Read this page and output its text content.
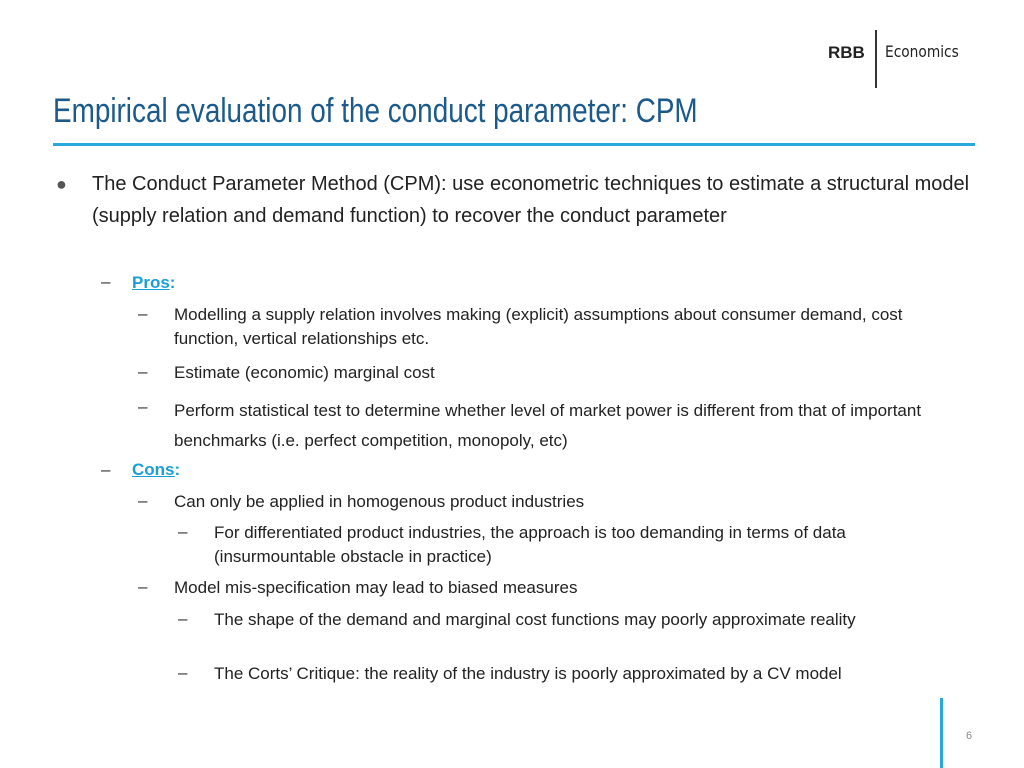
RBB Economics
Empirical evaluation of the conduct parameter: CPM
● The Conduct Parameter Method (CPM): use econometric techniques to estimate a structural model (supply relation and demand function) to recover the conduct parameter
– Pros:
– Modelling a supply relation involves making (explicit) assumptions about consumer demand, cost function, vertical relationships etc.
– Estimate (economic) marginal cost
– Perform statistical test to determine whether level of market power is different from that of important benchmarks (i.e. perfect competition, monopoly, etc)
– Cons:
– Can only be applied in homogenous product industries
– For differentiated product industries, the approach is too demanding in terms of data (insurmountable obstacle in practice)
– Model mis-specification may lead to biased measures
– The shape of the demand and marginal cost functions may poorly approximate reality
– The Corts’ Critique: the reality of the industry is poorly approximated by a CV model
6
